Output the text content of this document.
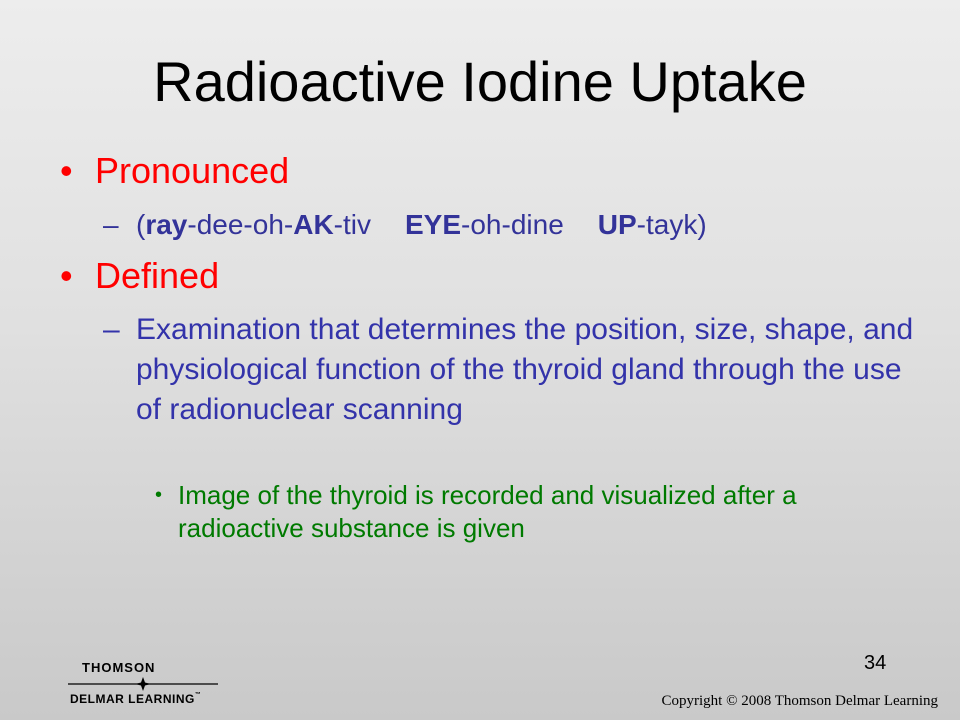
Radioactive Iodine Uptake
• Pronounced
– (ray-dee-oh-AK-tiv EYE-oh-dine UP-tayk)
• Defined
– Examination that determines the position, size, shape, and physiological function of the thyroid gland through the use of radionuclear scanning
• Image of the thyroid is recorded and visualized after a radioactive substance is given
34
THOMSON
DELMAR LEARNING™	Copyright © 2008 Thomson Delmar Learning
